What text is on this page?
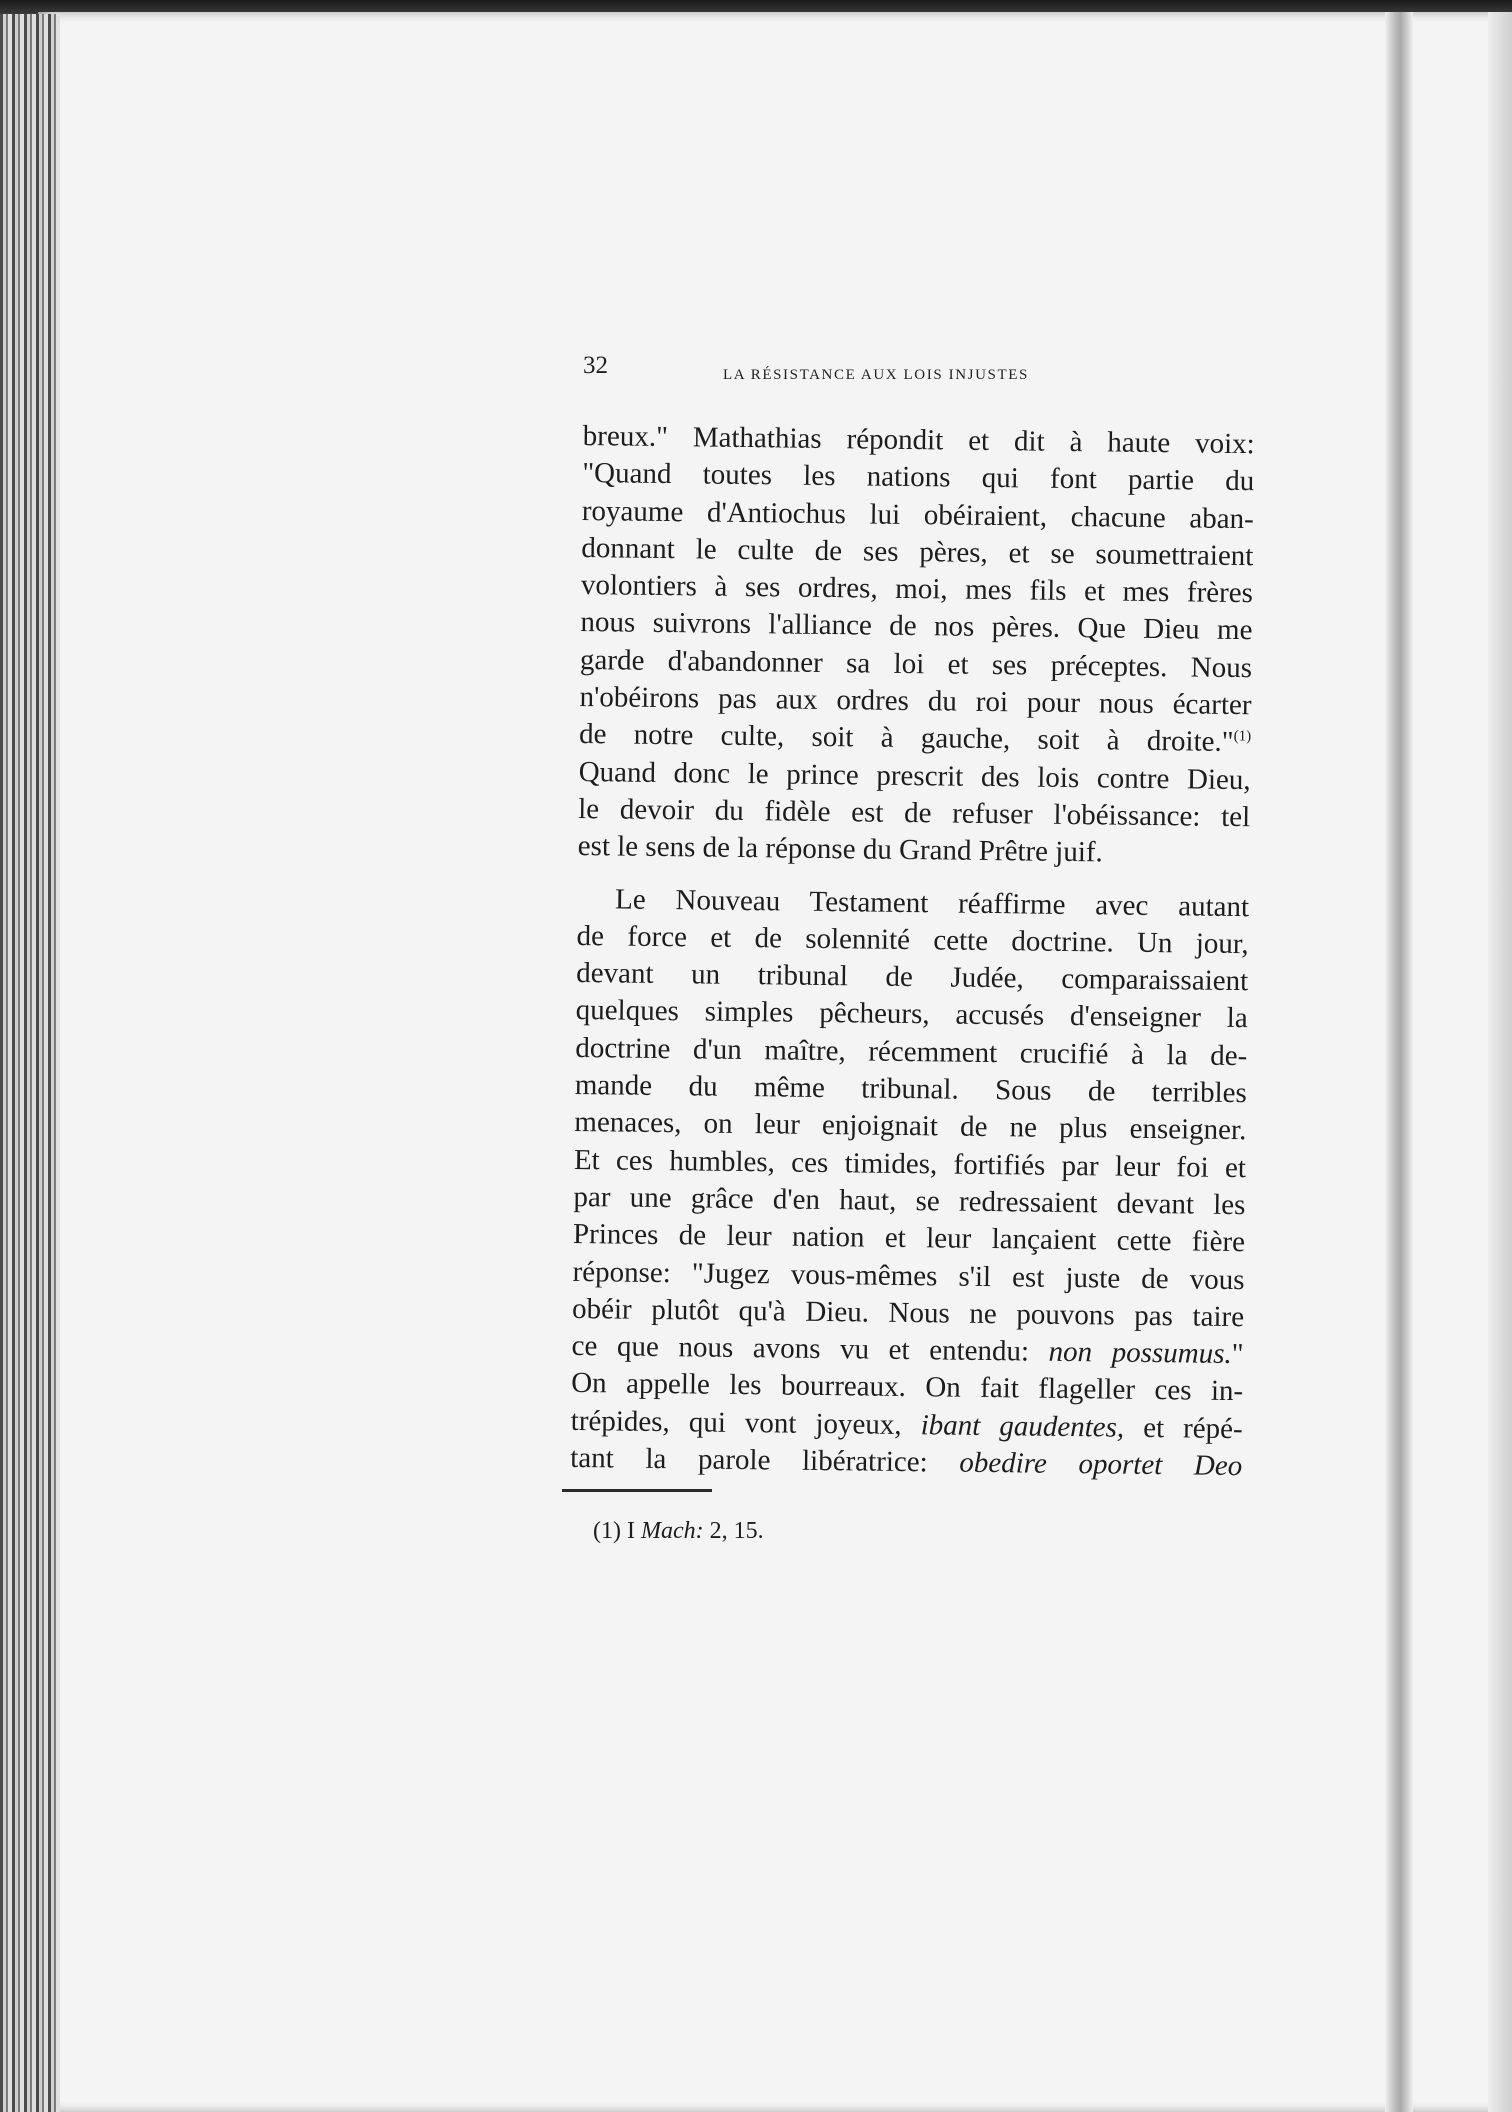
32	LA RÉSISTANCE AUX LOIS INJUSTES
breux." Mathathias répondit et dit à haute voix:
"Quand toutes les nations qui font partie du
royaume d'Antiochus lui obéiraient, chacune aban-
donnant le culte de ses pères, et se soumettraient
volontiers à ses ordres, moi, mes fils et mes frères
nous suivrons l'alliance de nos pères. Que Dieu me
garde d'abandonner sa loi et ses préceptes. Nous
n'obéirons pas aux ordres du roi pour nous écarter
de notre culte, soit à gauche, soit à droite."$^{(1)}$
Quand donc le prince prescrit des lois contre Dieu,
le devoir du fidèle est de refuser l'obéissance: tel
est le sens de la réponse du Grand Prêtre juif.
Le Nouveau Testament réaffirme avec autant
de force et de solennité cette doctrine. Un jour,
devant un tribunal de Judée, comparaissaient
quelques simples pêcheurs, accusés d'enseigner la
doctrine d'un maître, récemment crucifié à la de-
mande du même tribunal. Sous de terribles
menaces, on leur enjoignait de ne plus enseigner.
Et ces humbles, ces timides, fortifiés par leur foi et
par une grâce d'en haut, se redressaient devant les
Princes de leur nation et leur lançaient cette fière
réponse: "Jugez vous-mêmes s'il est juste de vous
obéir plutôt qu'à Dieu. Nous ne pouvons pas taire
ce que nous avons vu et entendu: non possumus."
On appelle les bourreaux. On fait flageller ces in-
trépides, qui vont joyeux, ibant gaudentes, et répé-
tant la parole libératrice: obedire oportet Deo
(1) I Mach: 2, 15.
